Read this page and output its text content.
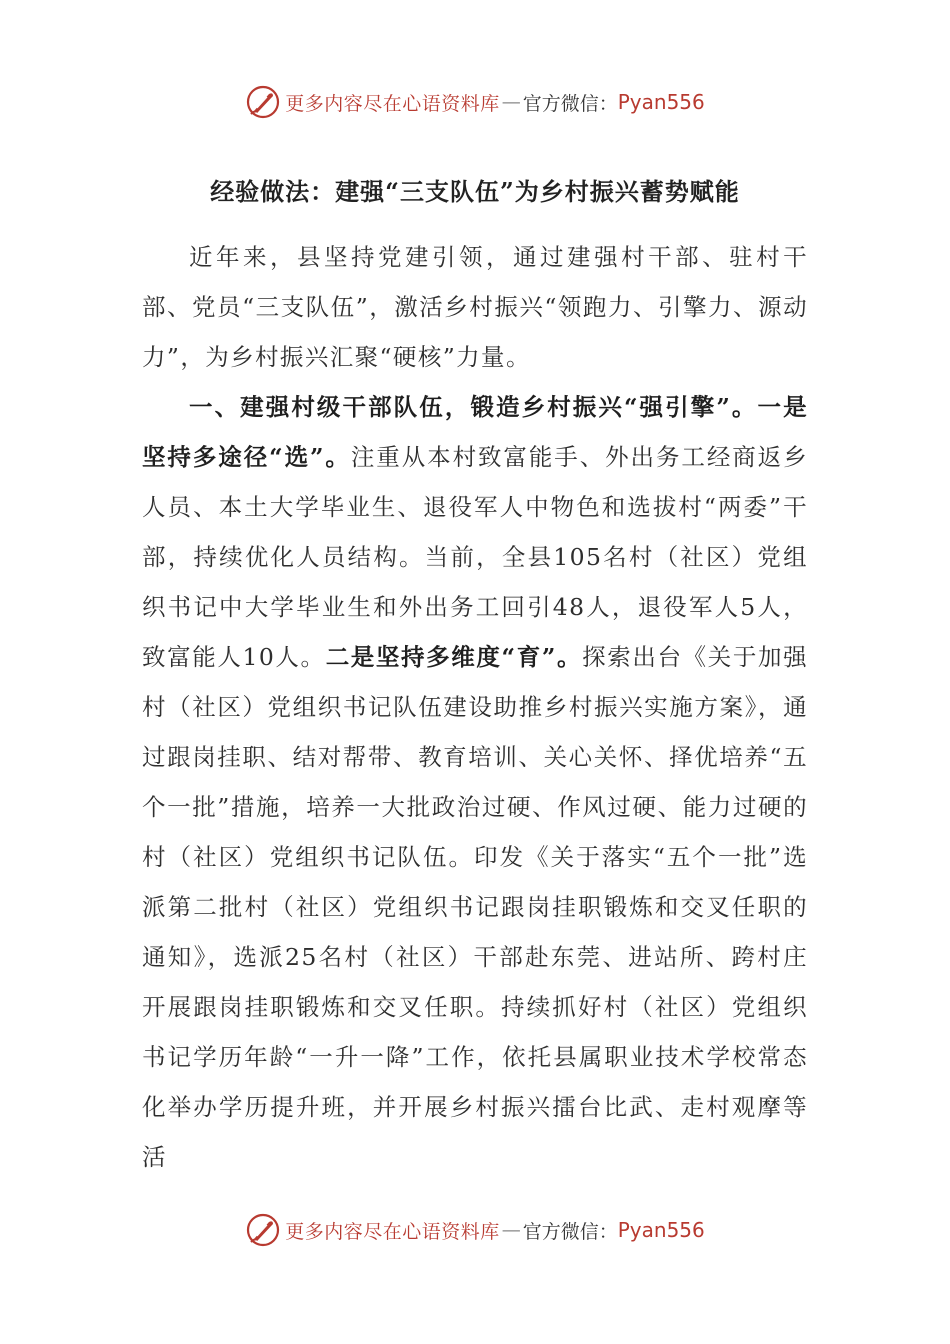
更多内容尽在心语资料库 — 官方微信： Pyan556
经验做法：建强“三支队伍”为乡村振兴蓄势赋能

近年来，县坚持党建引领，通过建强村干部、驻村干部、党员“三支队伍”，激活乡村振兴“领跑力、引擎力、源动力”，为乡村振兴汇聚“硬核”力量。

一、建强村级干部队伍，锻造乡村振兴“强引擎”。一是坚持多途径“选”。注重从本村致富能手、外出务工经商返乡人员、本土大学毕业生、退役军人中物色和选拔村“两委”干部，持续优化人员结构。当前，全县105名村（社区）党组织书记中大学毕业生和外出务工回引48人，退役军人5人，致富能人10人。二是坚持多维度“育”。探索出台《关于加强村（社区）党组织书记队伍建设助推乡村振兴实施方案》，通过跟岗挂职、结对帮带、教育培训、关心关怀、择优培养“五个一批”措施，培养一大批政治过硬、作风过硬、能力过硬的村（社区）党组织书记队伍。印发《关于落实“五个一批”选派第二批村（社区）党组织书记跟岗挂职锻炼和交叉任职的通知》，选派25名村（社区）干部赴东莞、进站所、跨村庄开展跟岗挂职锻炼和交叉任职。持续抓好村（社区）党组织书记学历年龄“一升一降”工作，依托县属职业技术学校常态化举办学历提升班，并开展乡村振兴擂台比武、走村观摩等活

更多内容尽在心语资料库 — 官方微信： Pyan556
